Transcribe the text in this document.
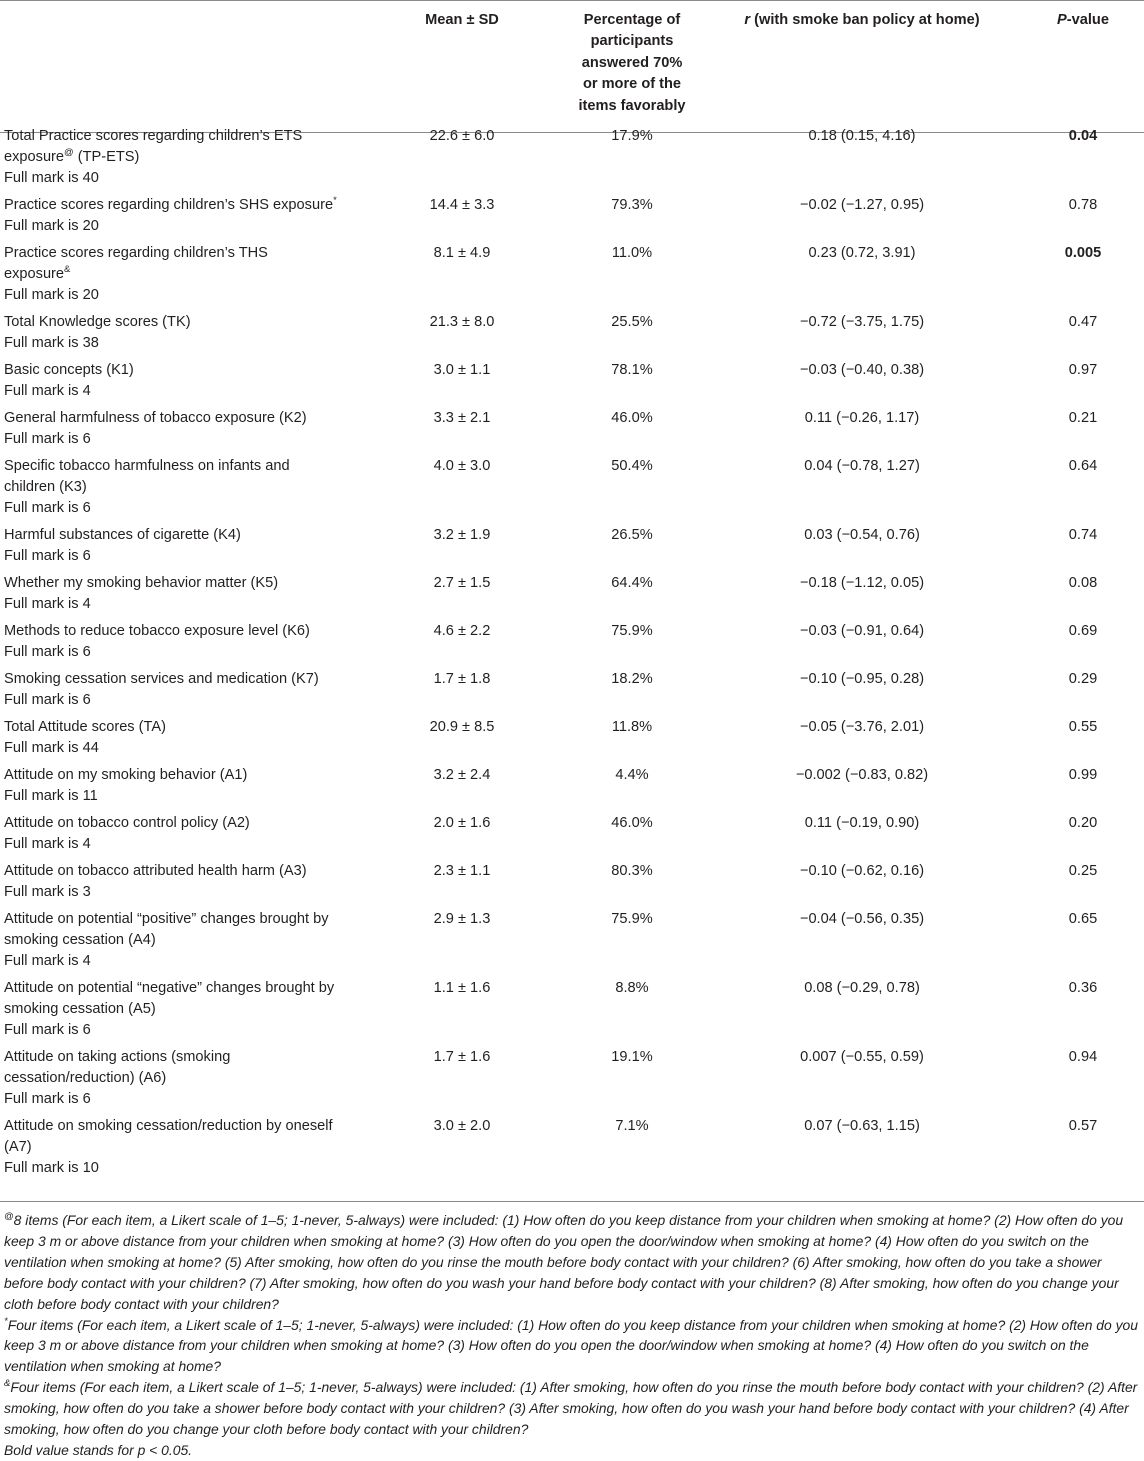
	Mean ± SD	Percentage of
participants
answered 70%
or more of the
items favorably	r (with smoke ban policy at home)	P-value

Total Practice scores regarding children’s ETS
exposure@ (TP-ETS)
Full mark is 40	22.6 ± 6.0	17.9%	0.18 (0.15, 4.16)	0.04

Practice scores regarding children’s SHS exposure*
Full mark is 20	14.4 ± 3.3	79.3%	−0.02 (−1.27, 0.95)	0.78

Practice scores regarding children’s THS
exposure&
Full mark is 20	8.1 ± 4.9	11.0%	0.23 (0.72, 3.91)	0.005

Total Knowledge scores (TK)
Full mark is 38	21.3 ± 8.0	25.5%	−0.72 (−3.75, 1.75)	0.47

Basic concepts (K1)
Full mark is 4	3.0 ± 1.1	78.1%	−0.03 (−0.40, 0.38)	0.97

General harmfulness of tobacco exposure (K2)
Full mark is 6	3.3 ± 2.1	46.0%	0.11 (−0.26, 1.17)	0.21

Specific tobacco harmfulness on infants and
children (K3)
Full mark is 6	4.0 ± 3.0	50.4%	0.04 (−0.78, 1.27)	0.64

Harmful substances of cigarette (K4)
Full mark is 6	3.2 ± 1.9	26.5%	0.03 (−0.54, 0.76)	0.74

Whether my smoking behavior matter (K5)
Full mark is 4	2.7 ± 1.5	64.4%	−0.18 (−1.12, 0.05)	0.08

Methods to reduce tobacco exposure level (K6)
Full mark is 6	4.6 ± 2.2	75.9%	−0.03 (−0.91, 0.64)	0.69

Smoking cessation services and medication (K7)
Full mark is 6	1.7 ± 1.8	18.2%	−0.10 (−0.95, 0.28)	0.29

Total Attitude scores (TA)
Full mark is 44	20.9 ± 8.5	11.8%	−0.05 (−3.76, 2.01)	0.55

Attitude on my smoking behavior (A1)
Full mark is 11	3.2 ± 2.4	4.4%	−0.002 (−0.83, 0.82)	0.99

Attitude on tobacco control policy (A2)
Full mark is 4	2.0 ± 1.6	46.0%	0.11 (−0.19, 0.90)	0.20

Attitude on tobacco attributed health harm (A3)
Full mark is 3	2.3 ± 1.1	80.3%	−0.10 (−0.62, 0.16)	0.25

Attitude on potential “positive” changes brought by
smoking cessation (A4)
Full mark is 4	2.9 ± 1.3	75.9%	−0.04 (−0.56, 0.35)	0.65

Attitude on potential “negative” changes brought by
smoking cessation (A5)
Full mark is 6	1.1 ± 1.6	8.8%	0.08 (−0.29, 0.78)	0.36

Attitude on taking actions (smoking
cessation/reduction) (A6)
Full mark is 6	1.7 ± 1.6	19.1%	0.007 (−0.55, 0.59)	0.94

Attitude on smoking cessation/reduction by oneself
(A7)
Full mark is 10	3.0 ± 2.0	7.1%	0.07 (−0.63, 1.15)	0.57

@8 items (For each item, a Likert scale of 1–5; 1-never, 5-always) were included: (1) How often do you keep distance from your children when smoking at home? (2) How often do you keep 3 m or above distance from your children when smoking at home? (3) How often do you open the door/window when smoking at home? (4) How often do you switch on the ventilation when smoking at home? (5) After smoking, how often do you rinse the mouth before body contact with your children? (6) After smoking, how often do you take a shower before body contact with your children? (7) After smoking, how often do you wash your hand before body contact with your children? (8) After smoking, how often do you change your cloth before body contact with your children?

*Four items (For each item, a Likert scale of 1–5; 1-never, 5-always) were included: (1) How often do you keep distance from your children when smoking at home? (2) How often do you keep 3 m or above distance from your children when smoking at home? (3) How often do you open the door/window when smoking at home? (4) How often do you switch on the ventilation when smoking at home?

&Four items (For each item, a Likert scale of 1–5; 1-never, 5-always) were included: (1) After smoking, how often do you rinse the mouth before body contact with your children? (2) After smoking, how often do you take a shower before body contact with your children? (3) After smoking, how often do you wash your hand before body contact with your children? (4) After smoking, how often do you change your cloth before body contact with your children?

Bold value stands for p < 0.05.
